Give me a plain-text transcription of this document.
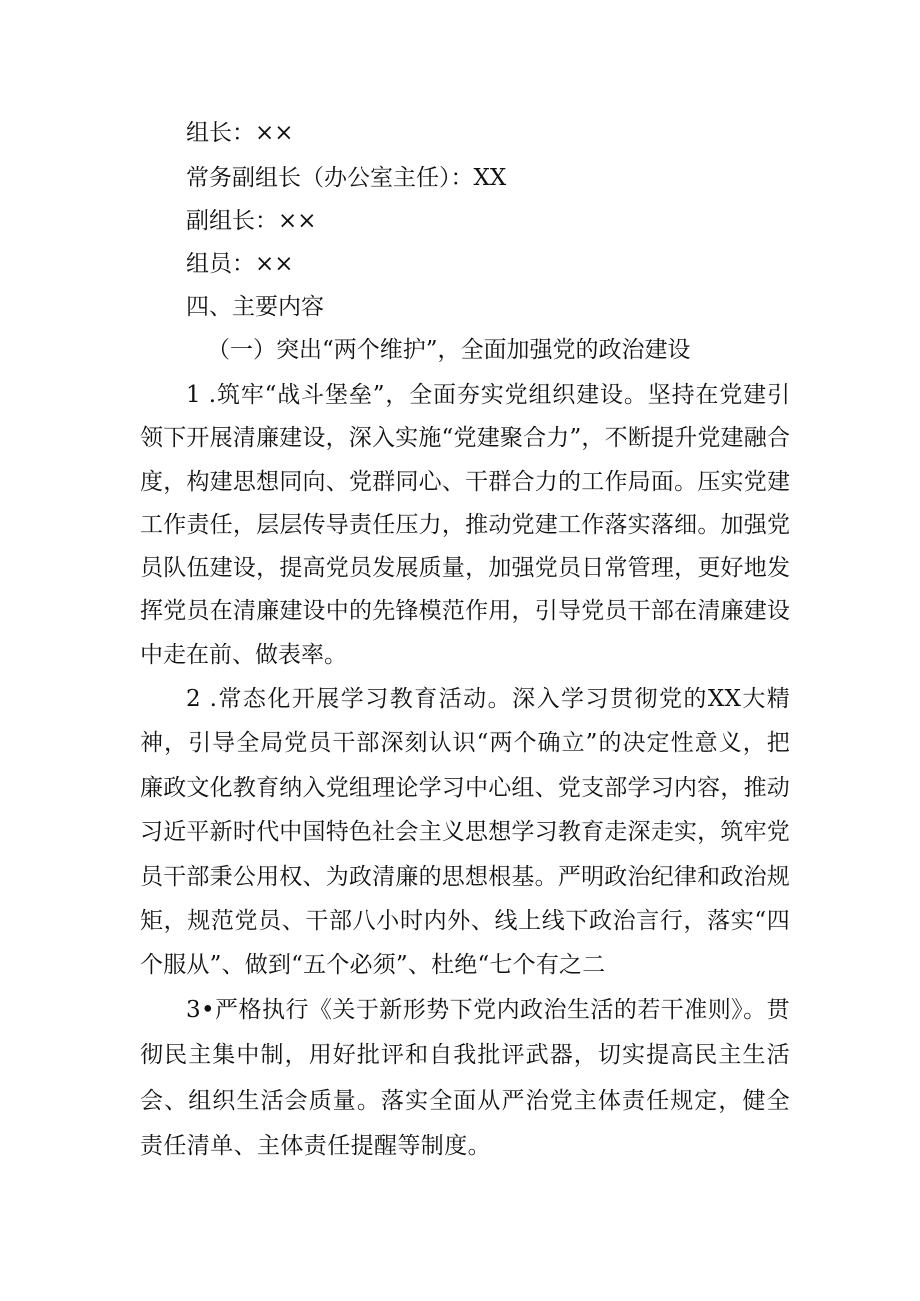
组长：××
常务副组长（办公室主任）：XX
副组长：××
组员：××
四、主要内容
（一）突出“两个维护”，全面加强党的政治建设

1 .筑牢“战斗堡垒”，全面夯实党组织建设。坚持在党建引领下开展清廉建设，深入实施“党建聚合力”，不断提升党建融合度，构建思想同向、党群同心、干群合力的工作局面。压实党建工作责任，层层传导责任压力，推动党建工作落实落细。加强党员队伍建设，提高党员发展质量，加强党员日常管理，更好地发挥党员在清廉建设中的先锋模范作用，引导党员干部在清廉建设中走在前、做表率。

2 .常态化开展学习教育活动。深入学习贯彻党的XX大精神，引导全局党员干部深刻认识“两个确立”的决定性意义，把廉政文化教育纳入党组理论学习中心组、党支部学习内容，推动习近平新时代中国特色社会主义思想学习教育走深走实，筑牢党员干部秉公用权、为政清廉的思想根基。严明政治纪律和政治规矩，规范党员、干部八小时内外、线上线下政治言行，落实“四个服从”、做到“五个必须”、杜绝“七个有之二

3•严格执行《关于新形势下党内政治生活的若干准则》。贯彻民主集中制，用好批评和自我批评武器，切实提高民主生活会、组织生活会质量。落实全面从严治党主体责任规定，健全责任清单、主体责任提醒等制度。
